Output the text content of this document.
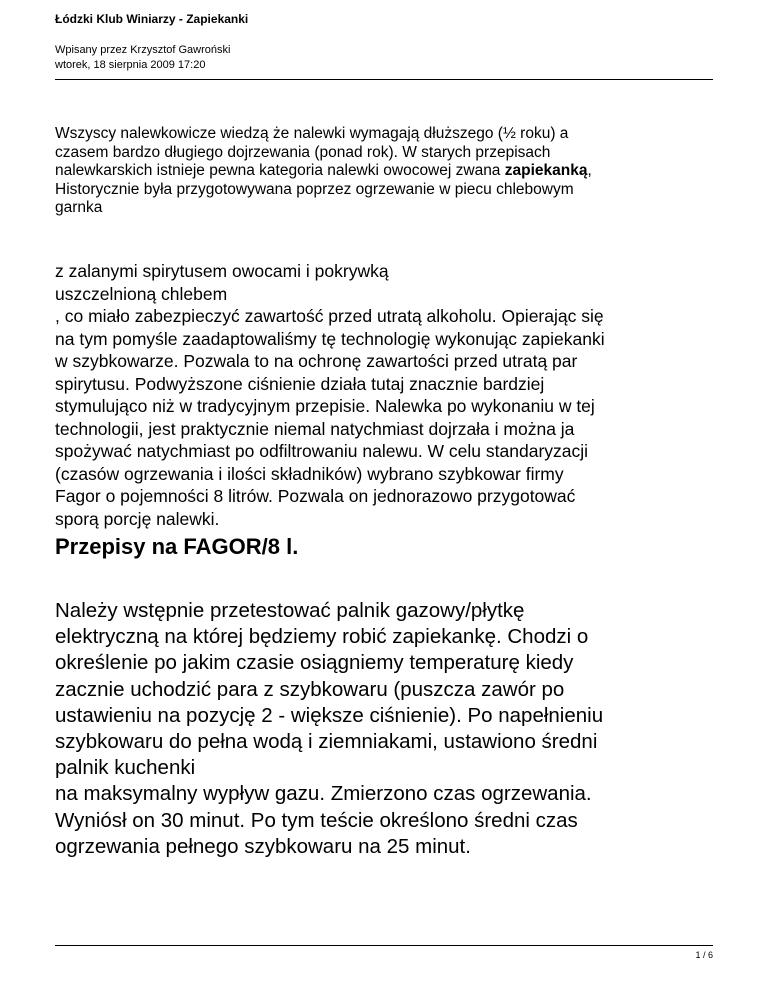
Łódzki Klub Winiarzy - Zapiekanki
Wpisany przez Krzysztof Gawroński
wtorek, 18 sierpnia 2009 17:20
Wszyscy nalewkowicze wiedzą że nalewki wymagają dłuższego (½ roku) a
czasem bardzo długiego dojrzewania (ponad rok). W starych przepisach
nalewkarskich istnieje pewna kategoria nalewki owocowej zwana zapiekanką,
Historycznie była przygotowywana poprzez ogrzewanie w piecu chlebowym
garnka
z zalanymi spirytusem owocami i pokrywką
uszczelnioną chlebem
, co miało zabezpieczyć zawartość przed utratą alkoholu. Opierając się
na tym pomyśle zaadaptowaliśmy tę technologię wykonując zapiekanki
w szybkowarze. Pozwala to na ochronę zawartości przed utratą par
spirytusu. Podwyższone ciśnienie działa tutaj znacznie bardziej
stymulująco niż w tradycyjnym przepisie. Nalewka po wykonaniu w tej
technologii, jest praktycznie niemal natychmiast dojrzała i można ja
spożywać natychmiast po odfiltrowaniu nalewu. W celu standaryzacji
(czasów ogrzewania i ilości składników) wybrano szybkowar firmy
Fagor o pojemności 8 litrów. Pozwala on jednorazowo przygotować
sporą porcję nalewki.
Przepisy na FAGOR/8 l.
Należy wstępnie przetestować palnik gazowy/płytkę
elektryczną na której będziemy robić zapiekankę. Chodzi o
określenie po jakim czasie osiągniemy temperaturę kiedy
zacznie uchodzić para z szybkowaru (puszcza zawór po
ustawieniu na pozycję 2 - większe ciśnienie). Po napełnieniu
szybkowaru do pełna wodą i ziemniakami, ustawiono średni
palnik kuchenki
na maksymalny wypływ gazu. Zmierzono czas ogrzewania.
Wyniósł on 30 minut. Po tym teście określono średni czas
ogrzewania pełnego szybkowaru na 25 minut.
1 / 6
